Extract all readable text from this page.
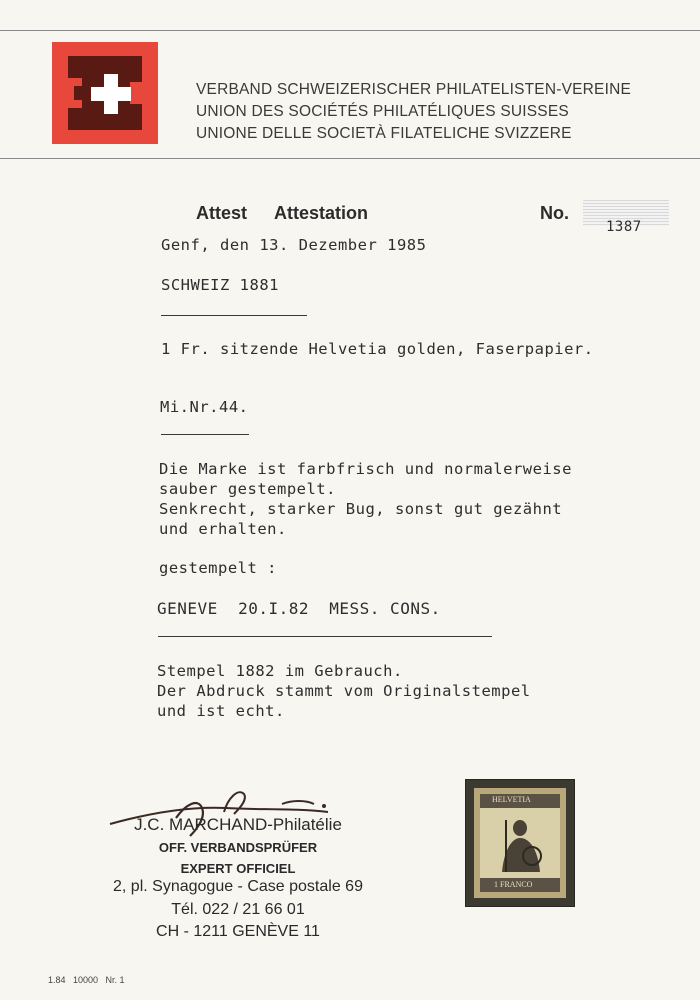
VERBAND SCHWEIZERISCHER PHILATELISTEN-VEREINE
UNION DES SOCIÉTÉS PHILATÉLIQUES SUISSES
UNIONE DELLE SOCIETÀ FILATELICHE SVIZZERE
Attest Attestation	No.
1387
Genf, den 13. Dezember 1985
SCHWEIZ 1881
1 Fr. sitzende Helvetia golden, Faserpapier.
Mi.Nr.44.
Die Marke ist farbfrisch und normalerweise
sauber gestempelt.
Senkrecht, starker Bug, sonst gut gezähnt
und erhalten.
gestempelt :
GENEVE  20.I.82  MESS. CONS.
Stempel 1882 im Gebrauch.
Der Abdruck stammt vom Originalstempel
und ist echt.
J.C. MARCHAND-Philatélie
OFF. VERBANDSPRÜFER
EXPERT OFFICIEL
2, pl. Synagogue - Case postale 69
Tél. 022 / 21 66 01
CH - 1211 GENÈVE 11
HELVETIA
1 FRANCO
1.84   10000   Nr. 1
